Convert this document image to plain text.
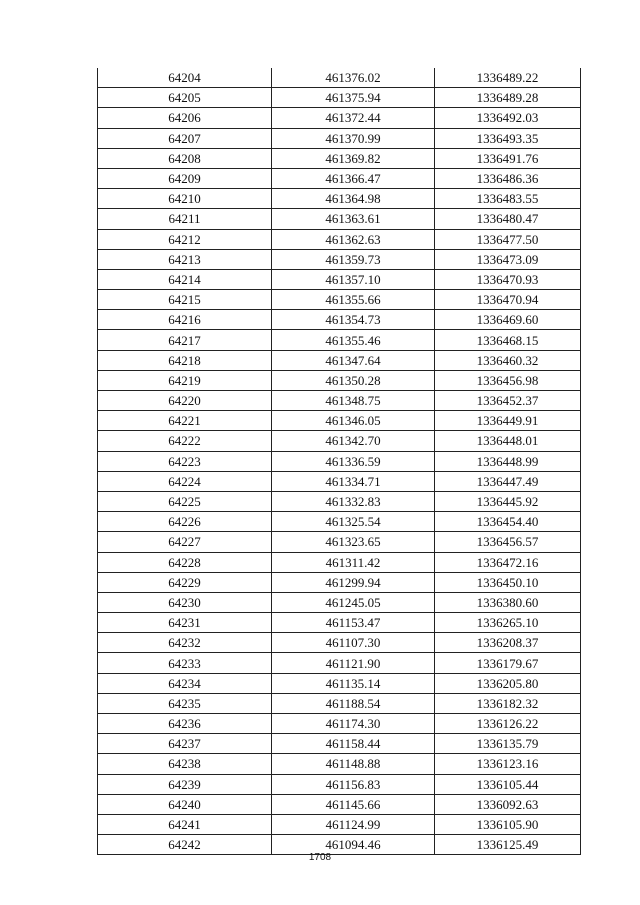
64204	461376.02	1336489.22
64205	461375.94	1336489.28
64206	461372.44	1336492.03
64207	461370.99	1336493.35
64208	461369.82	1336491.76
64209	461366.47	1336486.36
64210	461364.98	1336483.55
64211	461363.61	1336480.47
64212	461362.63	1336477.50
64213	461359.73	1336473.09
64214	461357.10	1336470.93
64215	461355.66	1336470.94
64216	461354.73	1336469.60
64217	461355.46	1336468.15
64218	461347.64	1336460.32
64219	461350.28	1336456.98
64220	461348.75	1336452.37
64221	461346.05	1336449.91
64222	461342.70	1336448.01
64223	461336.59	1336448.99
64224	461334.71	1336447.49
64225	461332.83	1336445.92
64226	461325.54	1336454.40
64227	461323.65	1336456.57
64228	461311.42	1336472.16
64229	461299.94	1336450.10
64230	461245.05	1336380.60
64231	461153.47	1336265.10
64232	461107.30	1336208.37
64233	461121.90	1336179.67
64234	461135.14	1336205.80
64235	461188.54	1336182.32
64236	461174.30	1336126.22
64237	461158.44	1336135.79
64238	461148.88	1336123.16
64239	461156.83	1336105.44
64240	461145.66	1336092.63
64241	461124.99	1336105.90
64242	461094.46	1336125.49
1708
